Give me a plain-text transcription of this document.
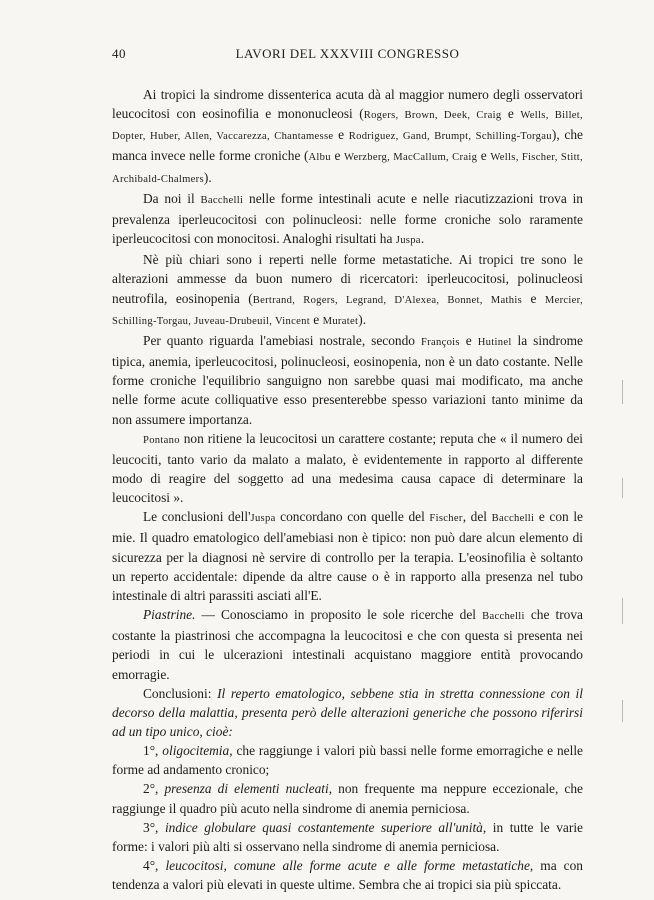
40	LAVORI DEL XXXVIII CONGRESSO

Ai tropici la sindrome dissenterica acuta dà al maggior numero degli osservatori leucocitosi con eosinofilia e mononucleosi (Rogers, Brown, Deek, Craig e Wells, Billet, Dopter, Huber, Allen, Vaccarezza, Chantamesse e Rodriguez, Gand, Brumpt, Schilling-Torgau), che manca invece nelle forme croniche (Albu e Werzberg, MacCallum, Craig e Wells, Fischer, Stitt, Archibald-Chalmers).

Da noi il Bacchelli nelle forme intestinali acute e nelle riacutizzazioni trova in prevalenza iperleucocitosi con polinucleosi: nelle forme croniche solo raramente iperleucocitosi con monocitosi. Analoghi risultati ha Juspa.

Nè più chiari sono i reperti nelle forme metastatiche. Ai tropici tre sono le alterazioni ammesse da buon numero di ricercatori: iperleucocitosi, polinucleosi neutrofila, eosinopenia (Bertrand, Rogers, Legrand, D'Alexea, Bonnet, Mathis e Mercier, Schilling-Torgau, Juveau-Drubeuil, Vincent e Muratet).

Per quanto riguarda l'amebiasi nostrale, secondo François e Hutinel la sindrome tipica, anemia, iperleucocitosi, polinucleosi, eosinopenia, non è un dato costante. Nelle forme croniche l'equilibrio sanguigno non sarebbe quasi mai modificato, ma anche nelle forme acute colliquative esso presenterebbe spesso variazioni tanto minime da non assumere importanza.

Pontano non ritiene la leucocitosi un carattere costante; reputa che « il numero dei leucociti, tanto vario da malato a malato, è evidentemente in rapporto al differente modo di reagire del soggetto ad una medesima causa capace di determinare la leucocitosi ».

Le conclusioni dell'Juspa concordano con quelle del Fischer, del Bacchelli e con le mie. Il quadro ematologico dell'amebiasi non è tipico: non può dare alcun elemento di sicurezza per la diagnosi nè servire di controllo per la terapia. L'eosinofilia è soltanto un reperto accidentale: dipende da altre cause o è in rapporto alla presenza nel tubo intestinale di altri parassiti asciati all'E.

Piastrine. — Conosciamo in proposito le sole ricerche del Bacchelli che trova costante la piastrinosi che accompagna la leucocitosi e che con questa si presenta nei periodi in cui le ulcerazioni intestinali acquistano maggiore entità provocando emorragie.

Conclusioni: Il reperto ematologico, sebbene stia in stretta connessione con il decorso della malattia, presenta però delle alterazioni generiche che possono riferirsi ad un tipo unico, cioè:

1°, oligocitemia, che raggiunge i valori più bassi nelle forme emorragiche e nelle forme ad andamento cronico;

2°, presenza di elementi nucleati, non frequente ma neppure eccezionale, che raggiunge il quadro più acuto nella sindrome di anemia perniciosa.

3°, indice globulare quasi costantemente superiore all'unità, in tutte le varie forme: i valori più alti si osservano nella sindrome di anemia perniciosa.

4°, leucocitosi, comune alle forme acute e alle forme metastatiche, ma con tendenza a valori più elevati in queste ultime. Sembra che ai tropici sia più spiccata.
